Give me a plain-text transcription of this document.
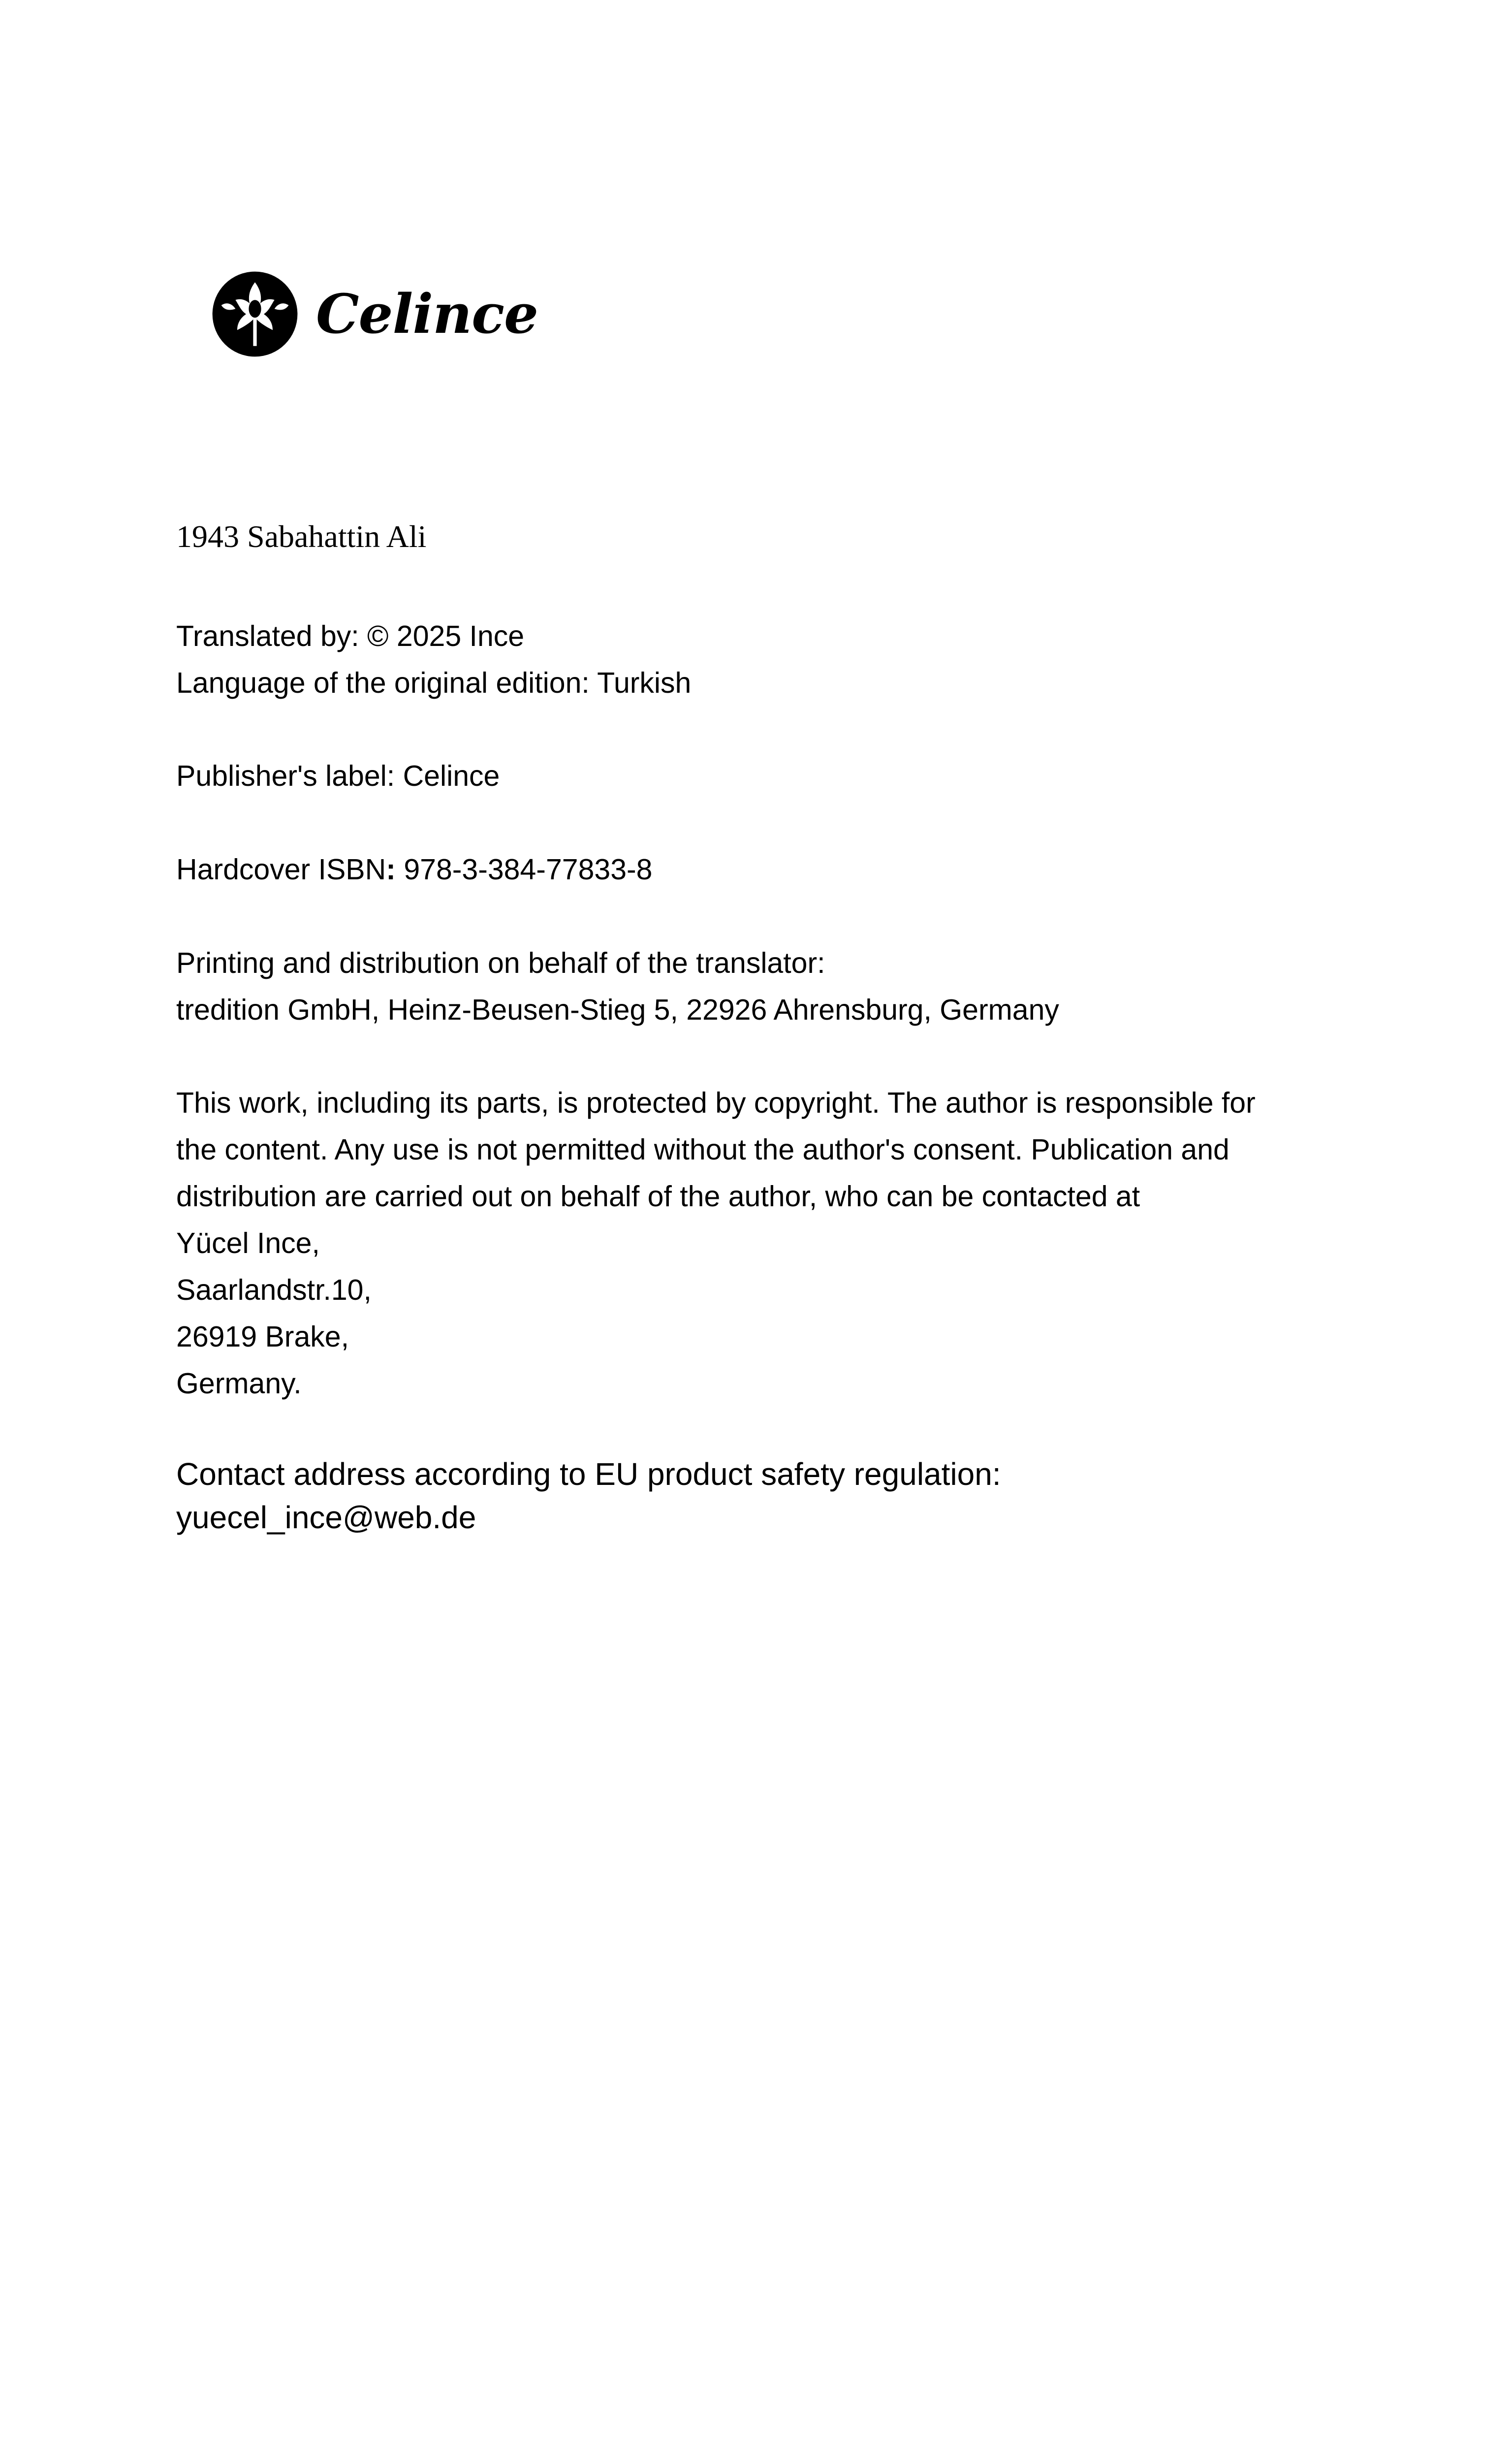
Celince
1943 Sabahattin Ali
Translated by: © 2025 Ince
Language of the original edition: Turkish
Publisher's label: Celince
Hardcover ISBN: 978-3-384-77833-8
Printing and distribution on behalf of the translator:
tredition GmbH, Heinz-Beusen-Stieg 5, 22926 Ahrensburg, Germany
This work, including its parts, is protected by copyright. The author is responsible for
the content. Any use is not permitted without the author's consent. Publication and
distribution are carried out on behalf of the author, who can be contacted at
Yücel Ince,
Saarlandstr.10,
26919 Brake,
Germany.
Contact address according to EU product safety regulation:
yuecel_ince@web.de
